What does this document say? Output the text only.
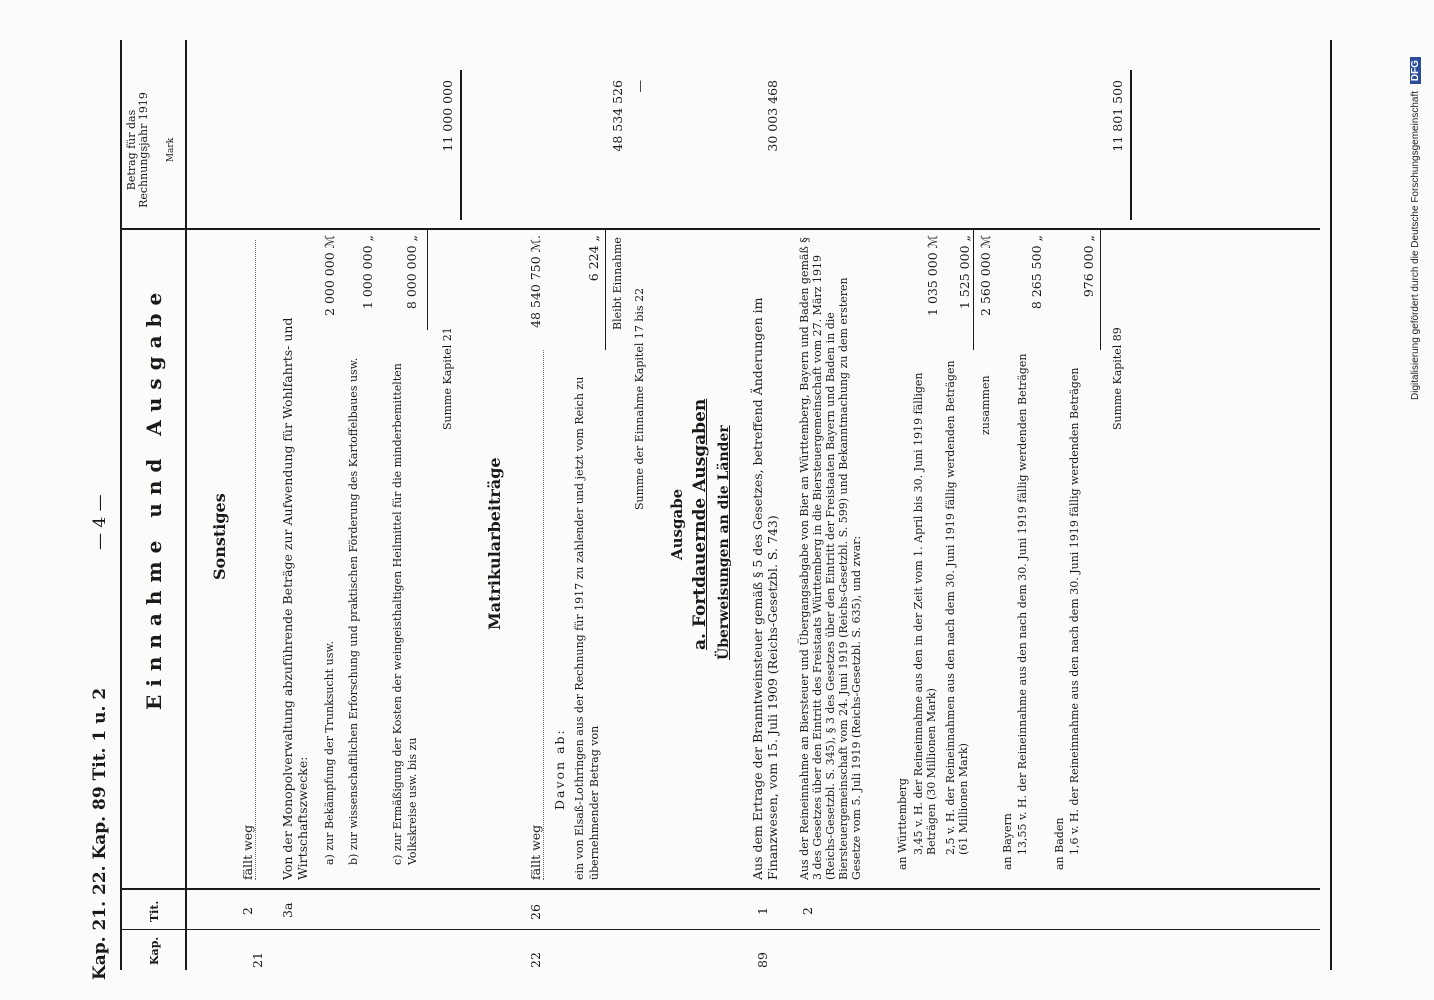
Kap. 21. 22. Kap. 89 Tit. 1 u. 2
— 4 —
Kap.
Tit.
Einnahme und Ausgabe
Betrag für das Rechnungsjahr 1919 Mark
Sonstiges
21
2
fällt weg
3a
Von der Monopolverwaltung abzuführende Beträge zur Aufwendung für Wohlfahrts- und Wirtschaftszwecke: a) zur Bekämpfung der Trunksucht usw.
2 000 000 ℳ
b) zur wissenschaftlichen Erforschung und praktischen Förderung des Kartoffelbaues usw.
1 000 000 „
c) zur Ermäßigung der Kosten der weingeisthaltigen Heilmittel für die minderbemittelten Volkskreise usw. bis zu
8 000 000 „
Summe Kapitel 21
11 000 000
Matrikularbeiträge
22
26
fällt weg
48 540 750 ℳ.
Davon ab: ein von Elsaß-Lothringen aus der Rechnung für 1917 zu zahlender und jetzt vom Reich zu übernehmender Betrag von
6 224 „ Bleibt Einnahme
48 534 526
Summe der Einnahme Kapitel 17 bis 22
—
Ausgabe a. Fortdauernde Ausgaben Überweisungen an die Länder
89
1
Aus dem Ertrage der Branntweinsteuer gemäß § 5 des Gesetzes, betreffend Änderungen im Finanzwesen, vom 15. Juli 1909 (Reichs-Gesetzbl. S. 743)
30 003 468
2
Aus der Reineinnahme an Biersteuer und Übergangsabgabe von Bier an Württemberg, Bayern und Baden gemäß § 3 des Gesetzes über den Eintritt des Freistaats Württemberg in die Biersteuergemeinschaft vom 27. März 1919 (Reichs-Gesetzbl. S. 345), § 3 des Gesetzes über den Eintritt der Freistaaten Bayern und Baden in die Biersteuergemeinschaft vom 24. Juni 1919 (Reichs-Gesetzbl. S. 599) und Bekanntmachung zu dem ersteren Gesetze vom 5. Juli 1919 (Reichs-Gesetzbl. S. 635), und zwar:	an Württemberg 3,45 v. H. der Reineinnahme aus den in der Zeit vom 1. April bis 30. Juni 1919 fälligen Beträgen (30 Millionen Mark)
1 035 000 ℳ
2,5 v. H. der Reineinnahmen aus den nach dem 30. Juni 1919 fällig werdenden Beträgen (61 Millionen Mark)
1 525 000 „
zusammen
2 560 000 ℳ
an Bayern 13,55 v. H. der Reineinnahme aus den nach dem 30. Juni 1919 fällig werdenden Beträgen
8 265 500 „
an Baden 1,6 v. H. der Reineinnahme aus den nach dem 30. Juni 1919 fällig werdenden Beträgen
976 000 „
Summe Kapitel 89
11 801 500	Digitalisierung gefördert durch die Deutsche Forschungsgemeinschaft DFG
